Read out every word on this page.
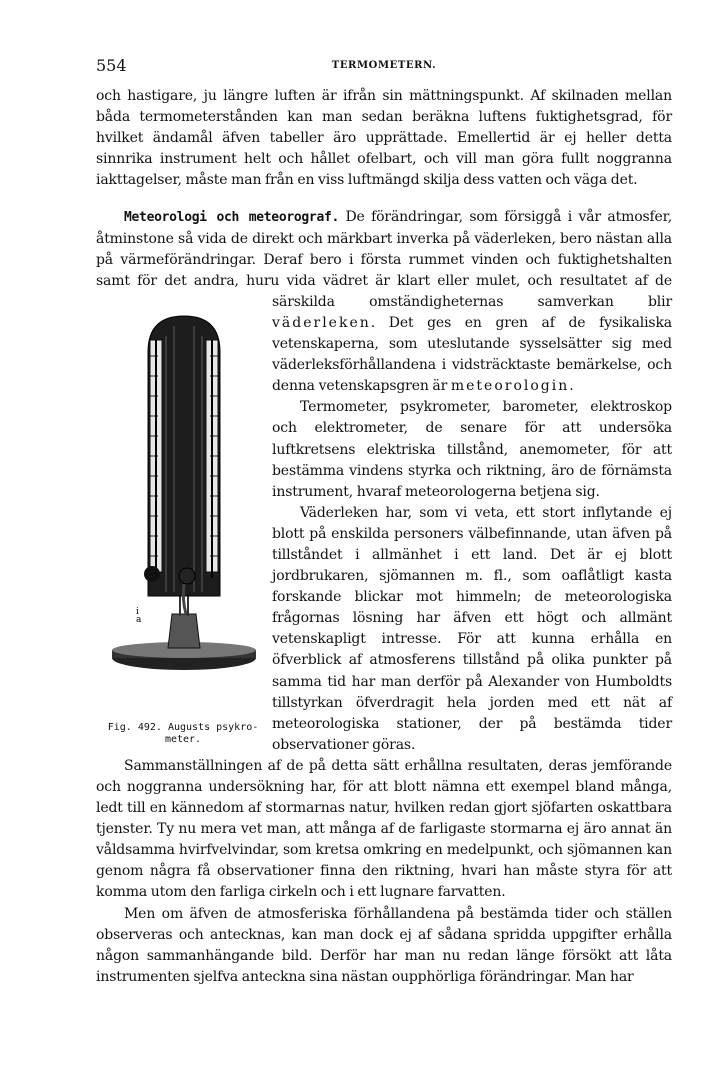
554	TERMOMETERN.

och hastigare, ju längre luften är ifrån sin mättningspunkt. Af skilnaden mellan båda termometerstånden kan man sedan beräkna luftens fuktighetsgrad, för hvilket ändamål äfven tabeller äro upprättade. Emellertid är ej heller detta sinnrika instrument helt och hållet ofelbart, och vill man göra fullt noggranna iakttagelser, måste man från en viss luftmängd skilja dess vatten och väga det.

Meteorologi och meteorograf. De förändringar, som försiggå i vår atmosfer, åtminstone så vida de direkt och märkbart inverka på väderleken, bero nästan alla på värmeförändringar. Deraf bero i första rummet vinden och fuktighetshalten samt för det andra, huru vida vädret är klart eller mulet, och resultatet af de särskilda omständigheternas samverkan blir väderleken. Det ges en gren af de fysikaliska vetenskaperna, som uteslutande sysselsätter sig med väderleksförhållandena i vidsträcktaste bemärkelse, och denna vetenskapsgren är meteorologin.

Termometer, psykrometer, barometer, elektroskop och elektrometer, de senare för att undersöka luftkretsens elektriska tillstånd, anemometer, för att bestämma vindens styrka och riktning, äro de förnämsta instrument, hvaraf meteorologerna betjena sig.

Väderleken har, som vi veta, ett stort inflytande ej blott på enskilda personers välbefinnande, utan äfven på tillståndet i allmänhet i ett land. Det är ej blott jordbrukaren, sjömannen m. fl., som oaflåtligt kasta forskande blickar mot himmeln; de meteorologiska frågornas lösning har äfven ett högt och allmänt vetenskapligt intresse. För att kunna erhålla en öfverblick af atmosferens tillstånd på olika punkter på samma tid har man derför på Alexander von Humboldts tillstyrkan öfverdragit hela jorden med ett nät af meteorologiska stationer, der på bestämda tider observationer göras.

Sammanställningen af de på detta sätt erhållna resultaten, deras jemförande och noggranna undersökning har, för att blott nämna ett exempel bland många, ledt till en kännedom af stormarnas natur, hvilken redan gjort sjöfarten oskattbara tjenster. Ty nu mera vet man, att många af de farligaste stormarna ej äro annat än våldsamma hvirfvelvindar, som kretsa omkring en medelpunkt, och sjömannen kan genom några få observationer finna den riktning, hvari han måste styra för att komma utom den farliga cirkeln och i ett lugnare farvatten.

Men om äfven de atmosferiska förhållandena på bestämda tider och ställen observeras och antecknas, kan man dock ej af sådana spridda uppgifter erhålla någon sammanhängande bild. Derför har man nu redan länge försökt att låta instrumenten sjelfva anteckna sina nästan oupphörliga förändringar. Man har

i
a
Fig. 492. Augusts psykro-meter.
